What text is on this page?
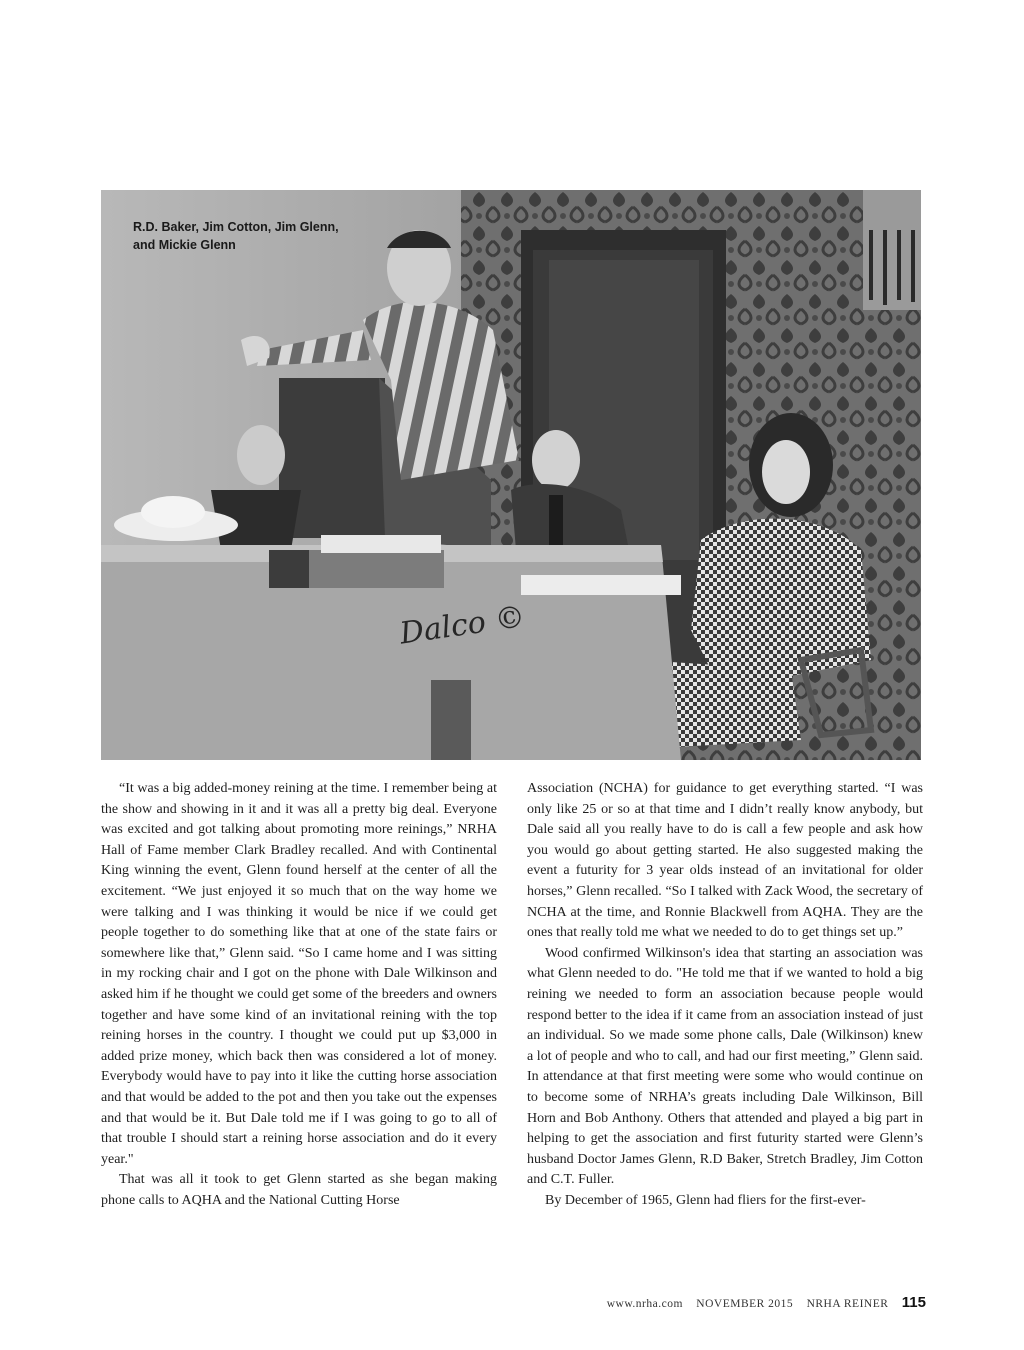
Dalco ©
R.D. Baker, Jim Cotton, Jim Glenn,
and Mickie Glenn

“It was a big added-money reining at the time. I remember being at the show and showing in it and it was all a pretty big deal. Everyone was excited and got talking about promoting more reinings,” NRHA Hall of Fame member Clark Bradley recalled. And with Continental King winning the event, Glenn found herself at the center of all the excitement. “We just enjoyed it so much that on the way home we were talking and I was thinking it would be nice if we could get people together to do something like that at one of the state fairs or somewhere like that,” Glenn said. “So I came home and I was sitting in my rocking chair and I got on the phone with Dale Wilkinson and asked him if he thought we could get some of the breeders and owners together and have some kind of an invitational reining with the top reining horses in the country. I thought we could put up $3,000 in added prize money, which back then was considered a lot of money. Everybody would have to pay into it like the cutting horse association and that would be added to the pot and then you take out the expenses and that would be it. But Dale told me if I was going to go to all of that trouble I should start a reining horse association and do it every year."

That was all it took to get Glenn started as she began making phone calls to AQHA and the National Cutting Horse

Association (NCHA) for guidance to get everything started. “I was only like 25 or so at that time and I didn’t really know anybody, but Dale said all you really have to do is call a few people and ask how you would go about getting started. He also suggested making the event a futurity for 3 year olds instead of an invitational for older horses,” Glenn recalled. “So I talked with Zack Wood, the secretary of NCHA at the time, and Ronnie Blackwell from AQHA. They are the ones that really told me what we needed to do to get things set up.”

Wood confirmed Wilkinson's idea that starting an association was what Glenn needed to do. "He told me that if we wanted to hold a big reining we needed to form an association because people would respond better to the idea if it came from an association instead of just an individual. So we made some phone calls, Dale (Wilkinson) knew a lot of people and who to call, and had our first meeting,” Glenn said. In attendance at that first meeting were some who would continue on to become some of NRHA’s greats including Dale Wilkinson, Bill Horn and Bob Anthony. Others that attended and played a big part in helping to get the association and first futurity started were Glenn’s husband Doctor James Glenn, R.D Baker, Stretch Bradley, Jim Cotton and C.T. Fuller.

By December of 1965, Glenn had fliers for the first-ever-

www.nrha.com NOVEMBER 2015 NRHA REINER 115
